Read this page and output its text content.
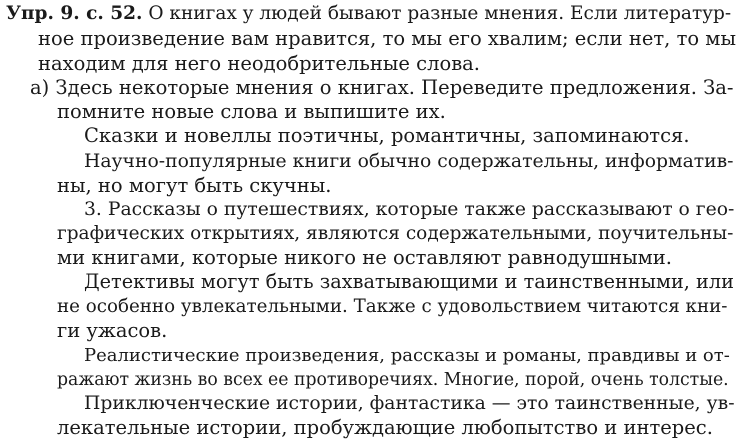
Упр. 9. с. 52. О книгах у людей бывают разные мнения. Если литератур-
ное произведение вам нравится, то мы его хвалим; если нет, то мы
находим для него неодобрительные слова.
а) Здесь некоторые мнения о книгах. Переведите предложения. За-
помните новые слова и выпишите их.
Сказки и новеллы поэтичны, романтичны, запоминаются.
Научно-популярные книги обычно содержательны, информатив-
ны, но могут быть скучны.
3. Рассказы о путешествиях, которые также рассказывают о гео-
графических открытиях, являются содержательными, поучительны-
ми книгами, которые никого не оставляют равнодушными.
Детективы могут быть захватывающими и таинственными, или
не особенно увлекательными. Также с удовольствием читаются кни-
ги ужасов.
Реалистические произведения, рассказы и романы, правдивы и от-
ражают жизнь во всех ее противоречиях. Многие, порой, очень толстые.
Приключенческие истории, фантастика — это таинственные, ув-
лекательные истории, пробуждающие любопытство и интерес.
